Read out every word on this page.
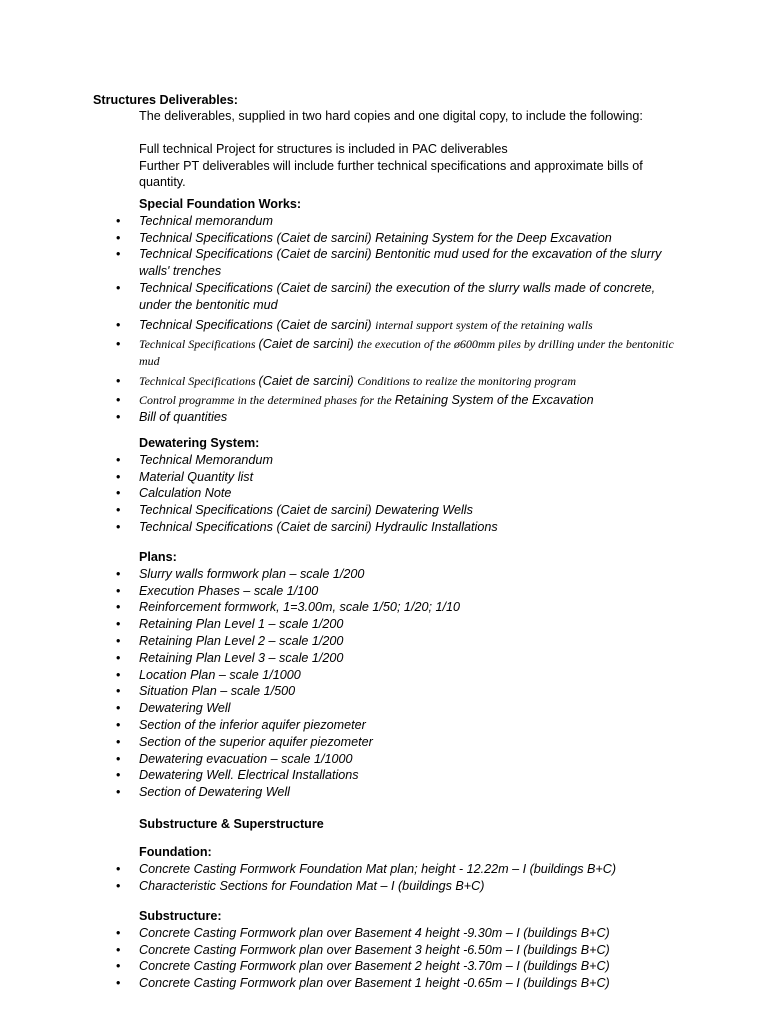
Structures Deliverables:

The deliverables, supplied in two hard copies and one digital copy, to include the following:

Full technical Project for structures is included in PAC deliverables

Further PT deliverables will include further technical specifications and approximate bills of quantity.

Special Foundation Works:

• Technical memorandum
• Technical Specifications (Caiet de sarcini) Retaining System for the Deep Excavation
• Technical Specifications (Caiet de sarcini) Bentonitic mud used for the excavation of the slurry walls' trenches
• Technical Specifications (Caiet de sarcini) the execution of the slurry walls made of concrete, under the bentonitic mud
• Technical Specifications (Caiet de sarcini) internal support system of the retaining walls
• Technical Specifications (Caiet de sarcini) the execution of the ø600mm piles by drilling under the bentonitic mud
• Technical Specifications (Caiet de sarcini) Conditions to realize the monitoring program
• Control programme in the determined phases for the Retaining System of the Excavation
• Bill of quantities

Dewatering System:

• Technical Memorandum
• Material Quantity list
• Calculation Note
• Technical Specifications (Caiet de sarcini) Dewatering Wells
• Technical Specifications (Caiet de sarcini) Hydraulic Installations

Plans:

• Slurry walls formwork plan – scale 1/200
• Execution Phases – scale 1/100
• Reinforcement formwork, 1=3.00m, scale 1/50; 1/20; 1/10
• Retaining Plan Level 1 – scale 1/200
• Retaining Plan Level 2 – scale 1/200
• Retaining Plan Level 3 – scale 1/200
• Location Plan – scale 1/1000
• Situation Plan – scale 1/500
• Dewatering Well
• Section of the inferior aquifer piezometer
• Section of the superior aquifer piezometer
• Dewatering evacuation – scale 1/1000
• Dewatering Well. Electrical Installations
• Section of Dewatering Well

Substructure & Superstructure

Foundation:

• Concrete Casting Formwork Foundation Mat plan; height - 12.22m – I (buildings B+C)
• Characteristic Sections for Foundation Mat – I (buildings B+C)

Substructure:

• Concrete Casting Formwork plan over Basement 4 height -9.30m – I (buildings B+C)
• Concrete Casting Formwork plan over Basement 3 height -6.50m – I (buildings B+C)
• Concrete Casting Formwork plan over Basement 2 height -3.70m – I (buildings B+C)
• Concrete Casting Formwork plan over Basement 1 height -0.65m – I (buildings B+C)
